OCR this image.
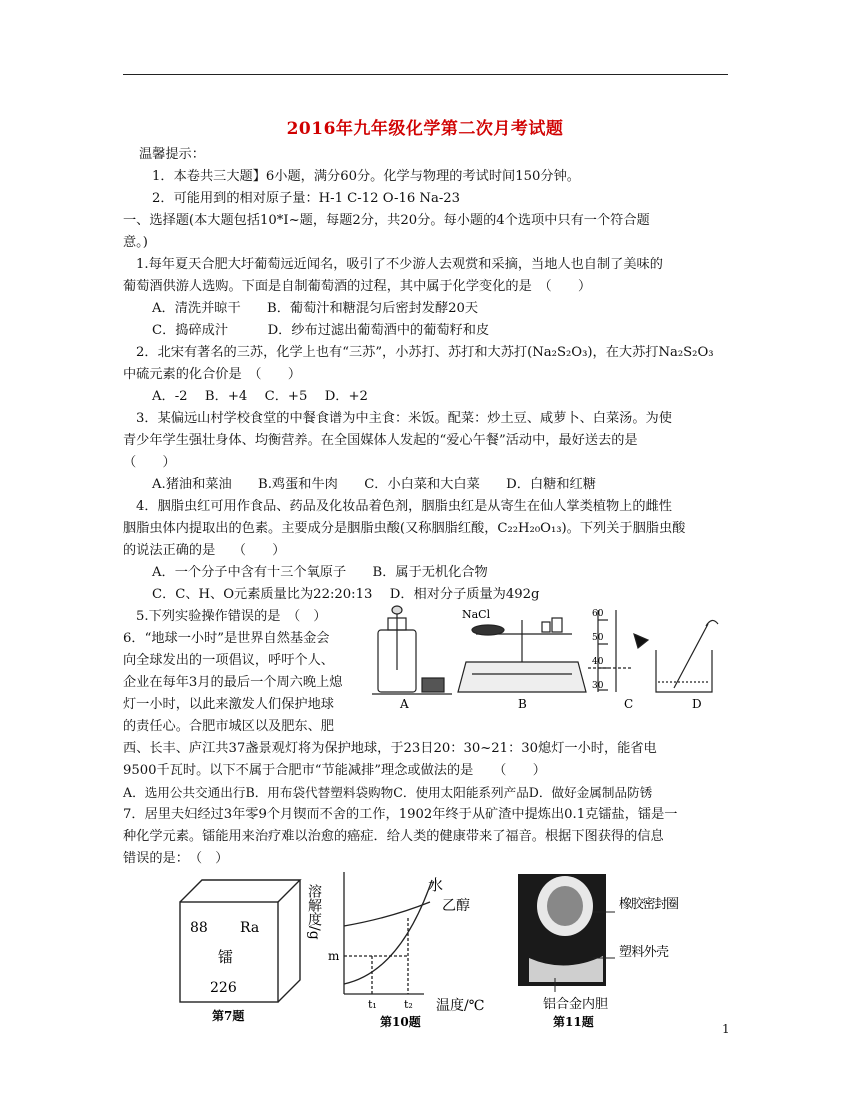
2016年九年级化学第二次月考试题
温馨提示：
1．本卷共三大题】6小题，满分60分。化学与物理的考试时间150分钟。
2．可能用到的相对原子量：H-1 C-12 O-16 Na-23
一、选择题(本大题包括10*I~题，每题2分，共20分。每小题的4个选项中只有一个符合题
意。)
1.每年夏天合肥大圩葡萄远近闻名，吸引了不少游人去观赏和采摘，当地人也自制了美味的
葡萄酒供游人选购。下面是自制葡萄酒的过程，其中属于化学变化的是　（　　）
A．清洗并晾干　　B．葡萄汁和糖混匀后密封发酵20天
C．捣碎成汁　　　D．纱布过滤出葡萄酒中的葡萄籽和皮
2．北宋有著名的三苏，化学上也有“三苏”，小苏打、苏打和大苏打(Na₂S₂O₃)，在大苏打Na₂S₂O₃
中硫元素的化合价是　（　　）
A．-2　 B．+4　 C．+5　 D．+2
3．某偏远山村学校食堂的中餐食谱为中主食：米饭。配菜：炒土豆、咸萝卜、白菜汤。为使
青少年学生强壮身体、均衡营养。在全国媒体人发起的“爱心午餐”活动中，最好送去的是
（　　）
A.猪油和菜油　　B.鸡蛋和牛肉　　C．小白菜和大白菜　　D．白糖和红糖
4．胭脂虫红可用作食品、药品及化妆品着色剂，胭脂虫红是从寄生在仙人掌类植物上的雌性
胭脂虫体内提取出的色素。主要成分是胭脂虫酸(又称胭脂红酸，C₂₂H₂₀O₁₃)。下列关于胭脂虫酸
的说法正确的是　 （　　）
A．一个分子中含有十三个氧原子　　B．属于无机化合物
C．C、H、O元素质量比为22:20:13　 D．相对分子质量为492g
5.下列实验操作错误的是　（　）
6．“地球一小时”是世界自然基金会
向全球发出的一项倡议，呼吁个人、
企业在每年3月的最后一个周六晚上熄
灯一小时，以此来激发人们保护地球
的责任心。合肥市城区以及肥东、肥
西、长丰、庐江共37盏景观灯将为保护地球，于23日20：30~21：30熄灯一小时，能省电
9500千瓦时。以下不属于合肥市“节能减排”理念或做法的是　　（　　）
A．选用公共交通出行B．用布袋代替塑料袋购物C．使用太阳能系列产品D．做好金属制品防锈
7．居里夫妇经过3年零9个月锲而不舍的工作，1902年终于从矿渣中提炼出0.1克镭盐，镭是一
种化学元素。镭能用来治疗难以治愈的癌症．给人类的健康带来了福音。根据下图获得的信息
错误的是：　（　）
A
NaCl
B
60
50
40
30
C	D
88 Ra
镭
226
第7题
溶解度/g	水
乙醇
m
t₁ t₂ 温度/℃
第10题
橡胶密封圈
塑料外壳
铝合金内胆
第11题	1
